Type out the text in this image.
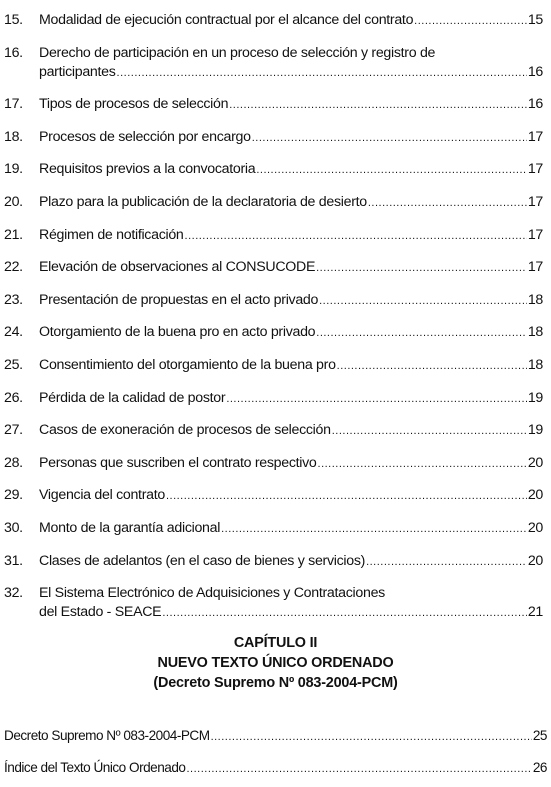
15.	Modalidad de ejecución contractual por el alcance del contrato .....	15
16.	Derecho de participación en un proceso de selección y registro de
participantes .....	16
17.	Tipos de procesos de selección .....	16
18.	Procesos de selección por encargo .....	17
19.	Requisitos previos a la convocatoria .....	17
20.	Plazo para la publicación de la declaratoria de desierto .....	17
21.	Régimen de notificación .....	17
22.	Elevación de observaciones al CONSUCODE .....	17
23.	Presentación de propuestas en el acto privado .....	18
24.	Otorgamiento de la buena pro en acto privado .....	18
25.	Consentimiento del otorgamiento de la buena pro .....	18
26.	Pérdida de la calidad de postor .....	19
27.	Casos de exoneración de procesos de selección .....	19
28.	Personas que suscriben el contrato respectivo .....	20
29.	Vigencia del contrato .....	20
30.	Monto de la garantía adicional .....	20
31.	Clases de adelantos (en el caso de bienes y servicios) .....	20
32.	El Sistema Electrónico de Adquisiciones y Contrataciones
del Estado - SEACE .....	21
CAPÍTULO II
NUEVO TEXTO ÚNICO ORDENADO
(Decreto Supremo Nº 083-2004-PCM)
Decreto Supremo Nº 083-2004-PCM .....	25
Índice del Texto Único Ordenado .....	26
